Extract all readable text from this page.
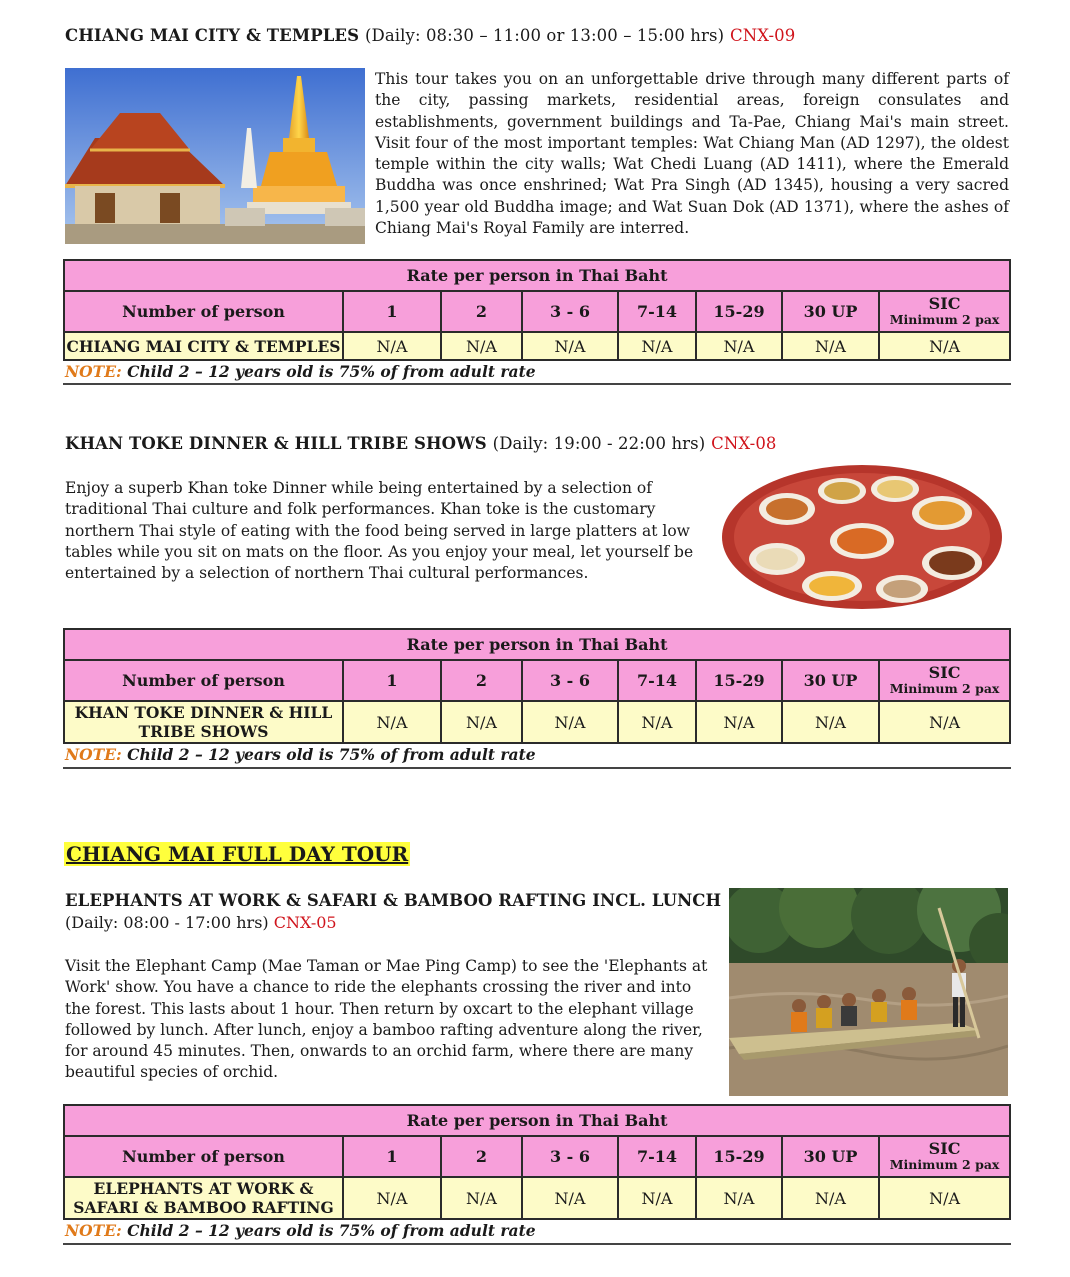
CHIANG MAI CITY & TEMPLES (Daily: 08:30 – 11:00 or 13:00 – 15:00 hrs) CNX-09
This tour takes you on an unforgettable drive through many different parts of the city, passing markets, residential areas, foreign consulates and establishments, government buildings and Ta-Pae, Chiang Mai's main street. Visit four of the most important temples: Wat Chiang Man (AD 1297), the oldest temple within the city walls; Wat Chedi Luang (AD 1411), where the Emerald Buddha was once enshrined; Wat Pra Singh (AD 1345), housing a very sacred 1,500 year old Buddha image; and Wat Suan Dok (AD 1371), where the ashes of Chiang Mai's Royal Family are interred.
Rate per person in Thai Baht							
Number of person	1	2	3 - 6	7-14	15-29	30 UP	SIC
Minimum 2 pax

CHIANG MAI CITY & TEMPLES	N/A	N/A	N/A	N/A	N/A	N/A	N/A
NOTE: Child 2 – 12 years old is 75% of from adult rate
KHAN TOKE DINNER & HILL TRIBE SHOWS (Daily: 19:00 - 22:00 hrs) CNX-08
Enjoy a superb Khan toke Dinner while being entertained by a selection of traditional Thai culture and folk performances. Khan toke is the customary northern Thai style of eating with the food being served in large platters at low tables while you sit on mats on the floor. As you enjoy your meal, let yourself be entertained by a selection of northern Thai cultural performances.
Rate per person in Thai Baht							
Number of person	1	2	3 - 6	7-14	15-29	30 UP	SIC
Minimum 2 pax

KHAN TOKE DINNER & HILL
TRIBE SHOWS	N/A	N/A	N/A	N/A	N/A	N/A	N/A
NOTE: Child 2 – 12 years old is 75% of from adult rate
CHIANG MAI FULL DAY TOUR
ELEPHANTS AT WORK & SAFARI & BAMBOO RAFTING INCL. LUNCH
(Daily: 08:00 - 17:00 hrs) CNX-05
Visit the Elephant Camp (Mae Taman or Mae Ping Camp) to see the 'Elephants at Work' show. You have a chance to ride the elephants crossing the river and into the forest. This lasts about 1 hour. Then return by oxcart to the elephant village followed by lunch. After lunch, enjoy a bamboo rafting adventure along the river, for around 45 minutes. Then, onwards to an orchid farm, where there are many beautiful species of orchid.
Rate per person in Thai Baht							
Number of person	1	2	3 - 6	7-14	15-29	30 UP	SIC
Minimum 2 pax

ELEPHANTS AT WORK &
SAFARI & BAMBOO RAFTING	N/A	N/A	N/A	N/A	N/A	N/A	N/A
NOTE: Child 2 – 12 years old is 75% of from adult rate
